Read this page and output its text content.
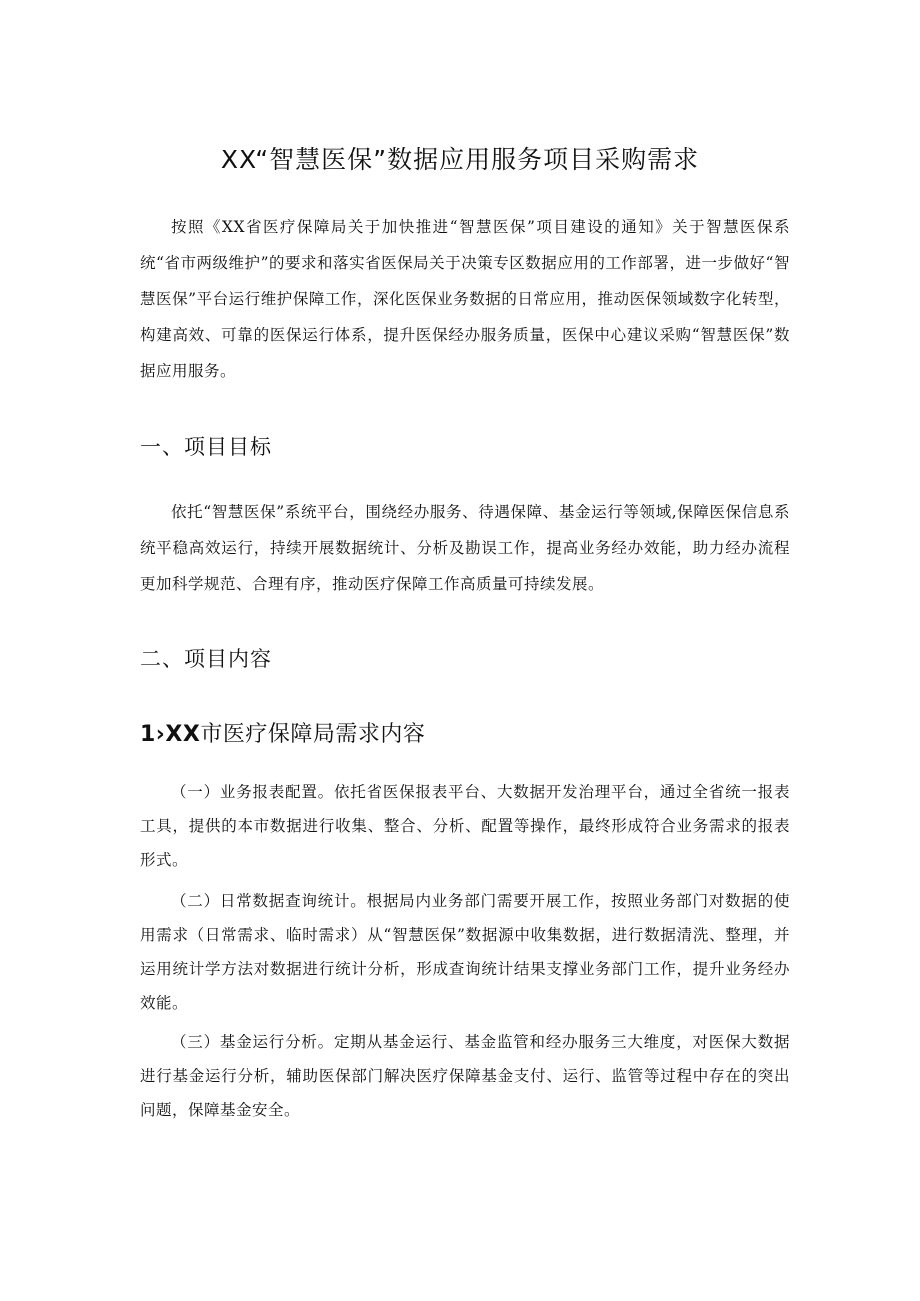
XX“智慧医保”数据应用服务项目采购需求

按照《XX省医疗保障局关于加快推进“智慧医保”项目建设的通知》关于智慧医保系统“省市两级维护”的要求和落实省医保局关于决策专区数据应用的工作部署，进一步做好“智慧医保”平台运行维护保障工作，深化医保业务数据的日常应用，推动医保领域数字化转型，构建高效、可靠的医保运行体系，提升医保经办服务质量，医保中心建议采购“智慧医保”数据应用服务。

一、项目目标

依托“智慧医保”系统平台，围绕经办服务、待遇保障、基金运行等领域,保障医保信息系统平稳高效运行，持续开展数据统计、分析及勘误工作，提高业务经办效能，助力经办流程更加科学规范、合理有序，推动医疗保障工作高质量可持续发展。

二、项目内容
1›XX市医疗保障局需求内容

（一）业务报表配置。依托省医保报表平台、大数据开发治理平台，通过全省统一报表工具，提供的本市数据进行收集、整合、分析、配置等操作，最终形成符合业务需求的报表形式。

（二）日常数据查询统计。根据局内业务部门需要开展工作，按照业务部门对数据的使用需求（日常需求、临时需求）从“智慧医保”数据源中收集数据，进行数据清洗、整理，并运用统计学方法对数据进行统计分析，形成查询统计结果支撑业务部门工作，提升业务经办效能。

（三）基金运行分析。定期从基金运行、基金监管和经办服务三大维度，对医保大数据进行基金运行分析，辅助医保部门解决医疗保障基金支付、运行、监管等过程中存在的突出问题，保障基金安全。
